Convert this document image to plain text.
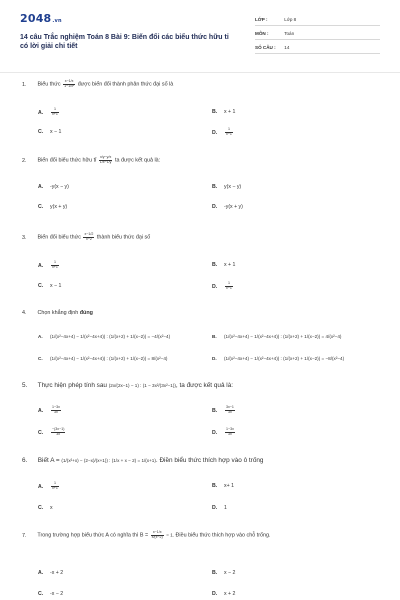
2048.vn
14 câu Trắc nghiệm Toán 8 Bài 9: Biến đổi các biểu thức hữu tỉ có lời giải chi tiết
LỚP :	Lớp 8
MÔN :	Toán
SỐ CÂU : 14
1. Biểu thức $\frac{x-1/x}{\text{1−1/x²}}$ được biến đổi thành phân thức đại số là
A. $\frac{1}{x+1}$	B. x + 1
C. x − 1	D. $\frac{1}{x-1}$
2. Biến đổi biểu thức hữu tỉ $\frac{x/y-y/x}{1/x-1/y}$ ta được kết quả là:
A. -y(x − y)	B. y(x − y)
C. y(x + y)	D. -y(x + y)
3. Biến đổi biểu thức $\frac{x-1/2}{x-2}$ thành biểu thức đại số
A. $\frac{1}{x+1}$	B. x + 1
C. x − 1	D. $\frac{1}{x-1}$
4. Chọn khẳng định đúng
A. (1/(x²−4x+4) − 1/(x²−4x+4)) : (1/(x+2) + 1/(x−2)) = −4/(x²−4)	B. (1/(x²−4x+4) − 1/(x²−4x+4)) : (1/(x+2) + 1/(x−2)) = 4/(x²−4)
C. (1/(x²−4x+4) − 1/(x²−4x+4)) : (1/(x+2) + 1/(x−2)) = 8/(x²−4)	D. (1/(x²−4x+4) − 1/(x²−4x+4)) : (1/(x+2) + 1/(x−2)) = −8/(x²−4)
5. Thực hiện phép tính sau (2x/(2x−1) − 1) : (1 − 3x²/(3x²−1)), ta được kết quả là:
A. $\frac{1-3x}{3x}$	B. $\frac{3x-1}{3x}$
C. $\frac{-(3x-1)}{3x}$	D. $\frac{1-3x}{3x}$
6. Biết A = (1/(x²+x) − (2−x)/(x+1)) : (1/x + x − 2) = 1/(x+1). Điền biểu thức thích hợp vào ô trống
A. $\frac{1}{x+1}$	B. x+ 1
C. x	D. 1
7. Trong trường hợp biểu thức A có nghĩa thì $B = \frac{x-1/x}{x/(x-2)} = 1$. Điều biểu thức thích hợp vào chỗ trống.
A. -x + 2	B. x − 2
C. -x − 2	D. x + 2
